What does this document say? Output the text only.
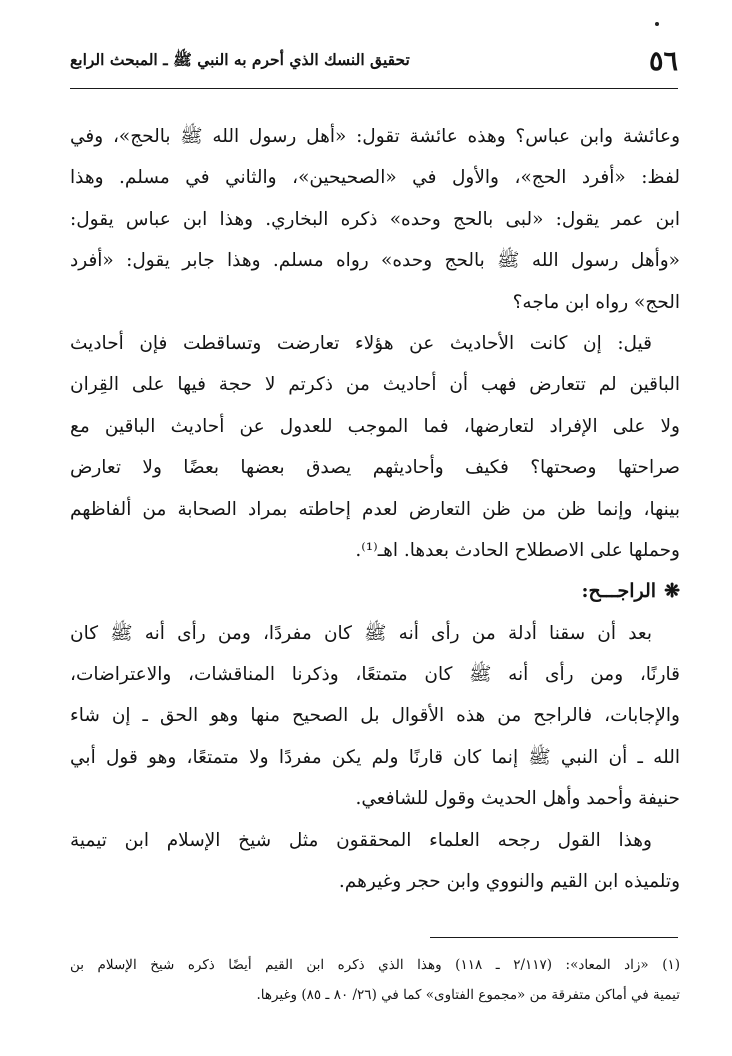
٥٦
تحقيق النسك الذي أحرم به النبي ﷺ ـ المبحث الرابع
وعائشة وابن عباس؟ وهذه عائشة تقول: «أهل رسول الله ﷺ بالحج»، وفي
لفظ: «أفرد الحج»، والأول في «الصحيحين»، والثاني في مسلم. وهذا
ابن عمر يقول: «لبى بالحج وحده» ذكره البخاري. وهذا ابن عباس يقول:
«وأهل رسول الله ﷺ بالحج وحده» رواه مسلم. وهذا جابر يقول: «أفرد
الحج» رواه ابن ماجه؟
قيل: إن كانت الأحاديث عن هؤلاء تعارضت وتساقطت فإن أحاديث
الباقين لم تتعارض فهب أن أحاديث من ذكرتم لا حجة فيها على القِران
ولا على الإفراد لتعارضها، فما الموجب للعدول عن أحاديث الباقين مع
صراحتها وصحتها؟ فكيف وأحاديثهم يصدق بعضها بعضًا ولا تعارض
بينها، وإنما ظن من ظن التعارض لعدم إحاطته بمراد الصحابة من ألفاظهم
وحملها على الاصطلاح الحادث بعدها. اهـ⁽¹⁾.
❋الراجـــح:
بعد أن سقنا أدلة من رأى أنه ﷺ كان مفردًا، ومن رأى أنه ﷺ كان
قارنًا، ومن رأى أنه ﷺ كان متمتعًا، وذكرنا المناقشات، والاعتراضات،
والإجابات، فالراجح من هذه الأقوال بل الصحيح منها وهو الحق ـ إن شاء
الله ـ أن النبي ﷺ إنما كان قارنًا ولم يكن مفردًا ولا متمتعًا، وهو قول أبي
حنيفة وأحمد وأهل الحديث وقول للشافعي.
وهذا القول رجحه العلماء المحققون مثل شيخ الإسلام ابن تيمية
وتلميذه ابن القيم والنووي وابن حجر وغيرهم.
(١) «زاد المعاد»: (٢/١١٧ ـ ١١٨) وهذا الذي ذكره ابن القيم أيضًا ذكره شيخ الإسلام بن
تيمية في أماكن متفرقة من «مجموع الفتاوى» كما في (٢٦/ ٨٠ ـ ٨٥) وغيرها.
